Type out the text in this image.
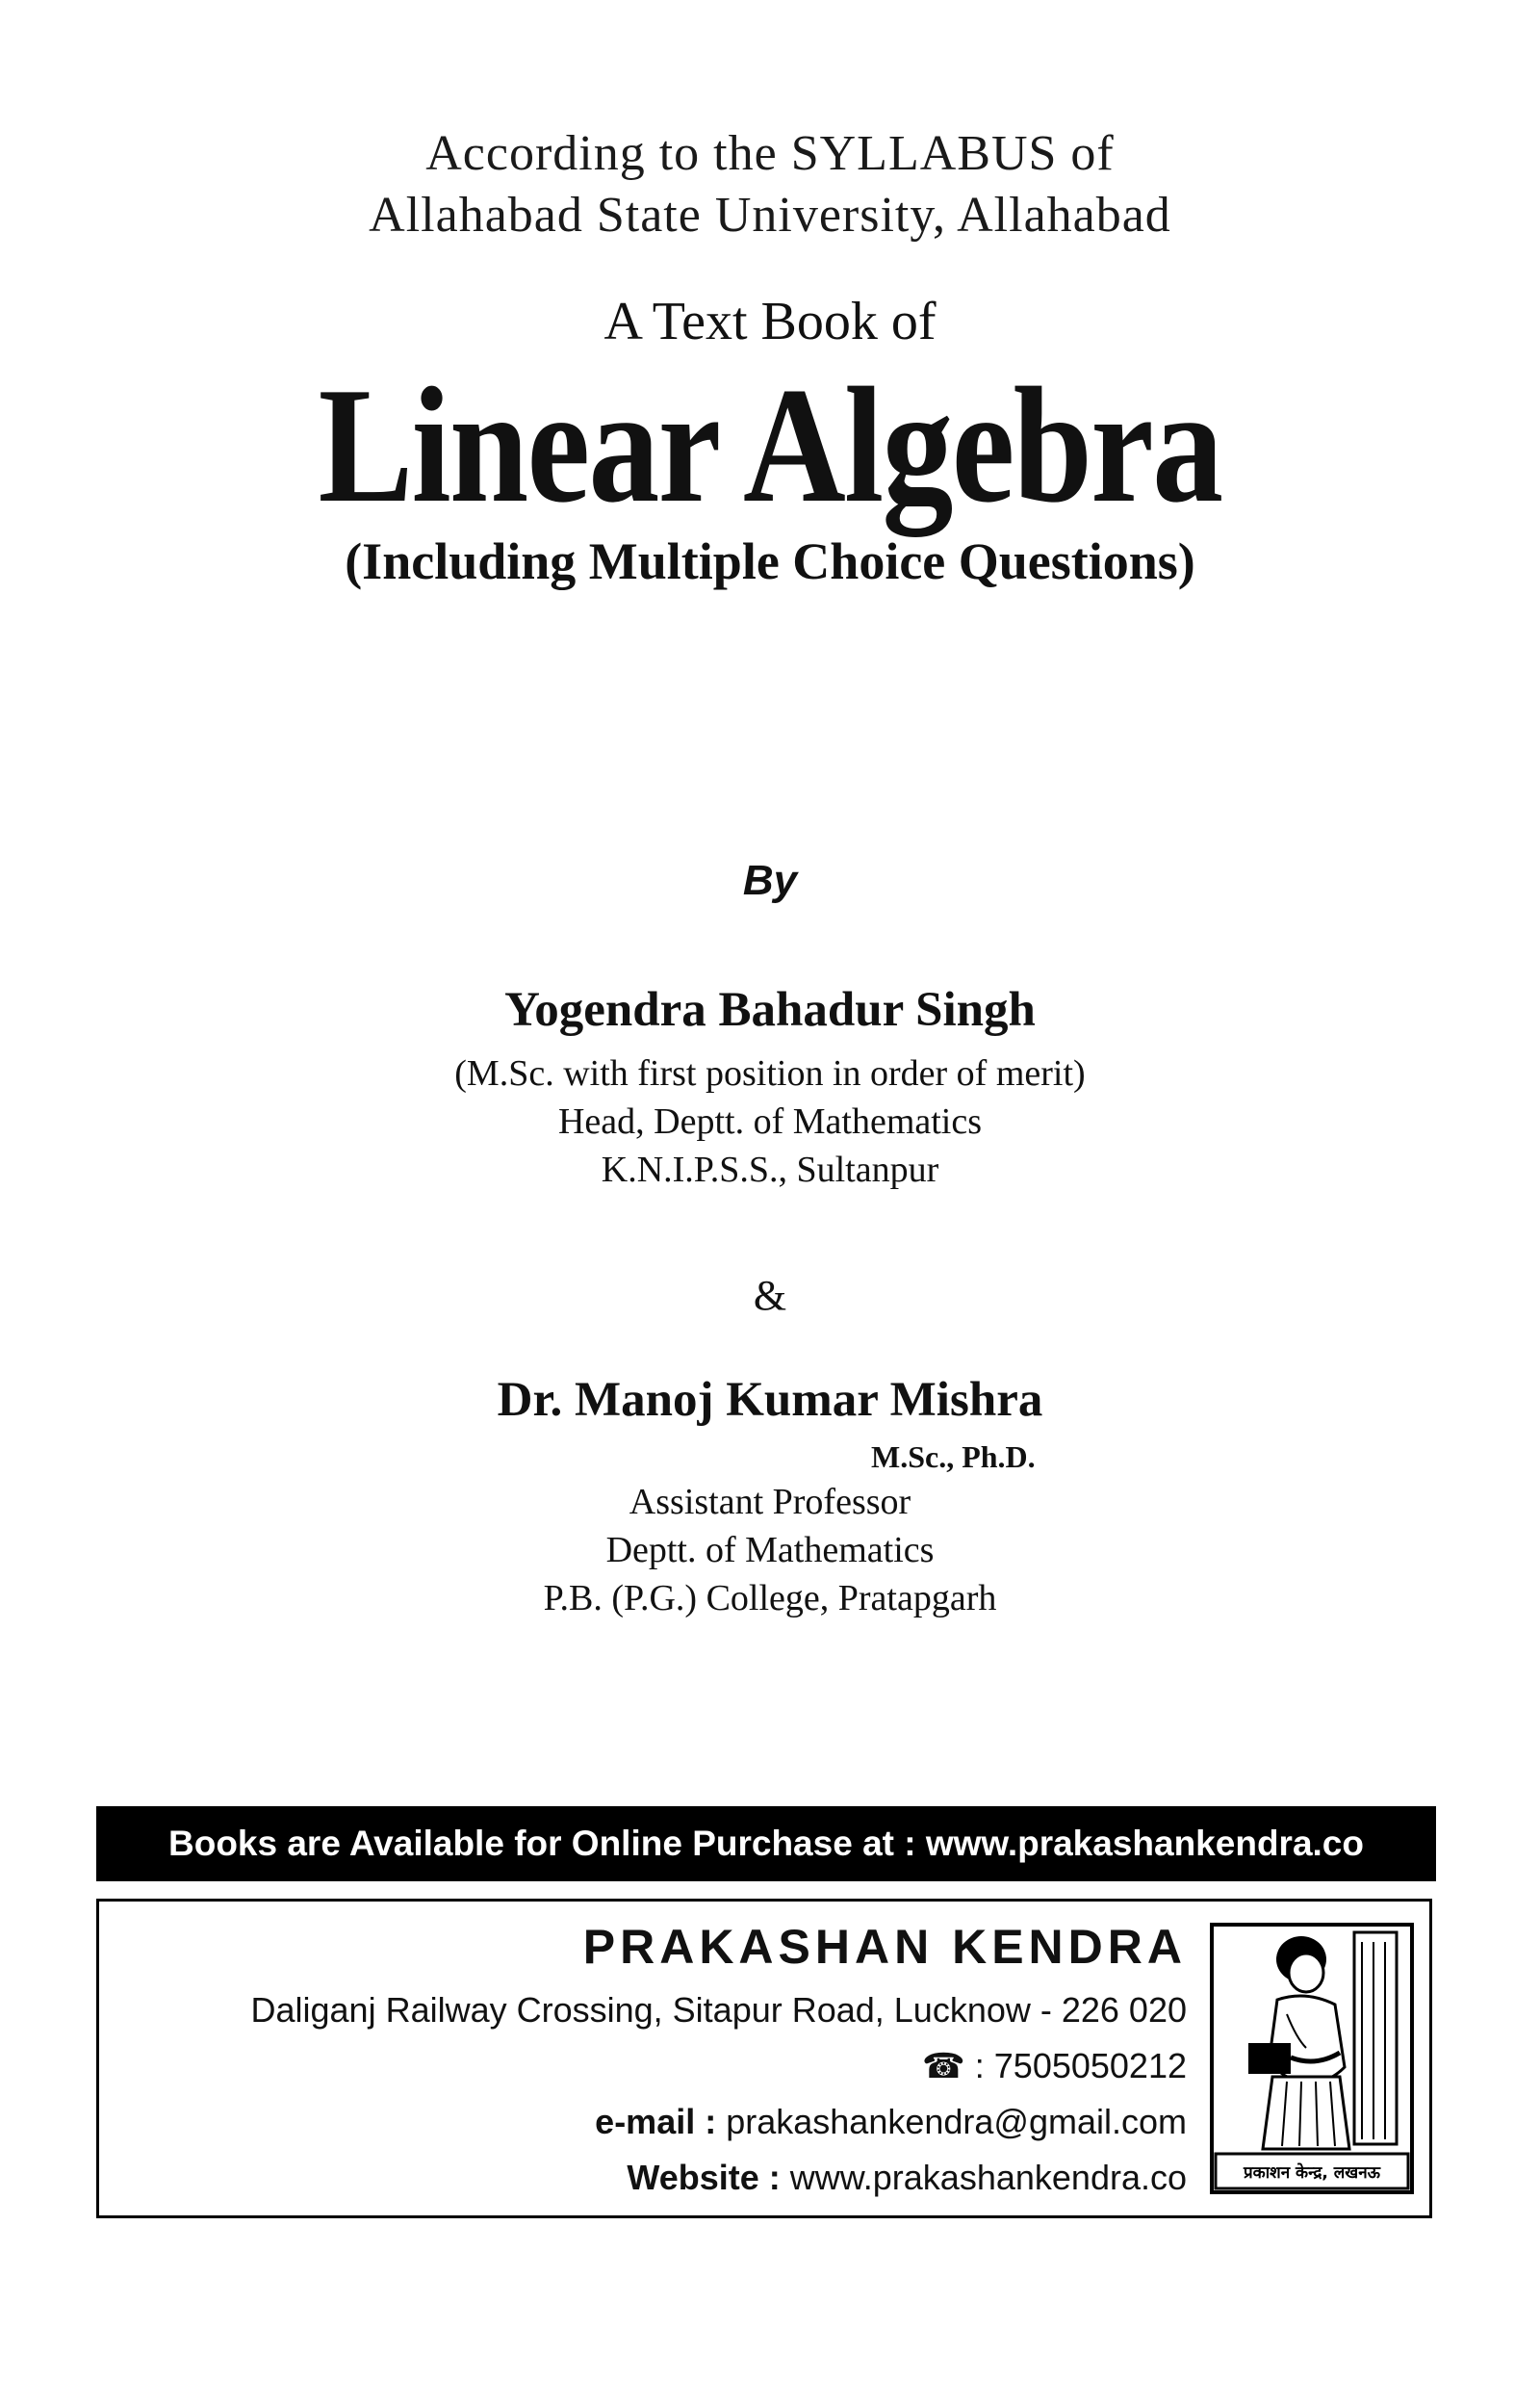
According to the SYLLABUS of
Allahabad State University, Allahabad
A Text Book of
Linear Algebra
(Including Multiple Choice Questions)
By
Yogendra Bahadur Singh
(M.Sc. with first position in order of merit)
Head, Deptt. of Mathematics
K.N.I.P.S.S., Sultanpur
&
Dr. Manoj Kumar Mishra
M.Sc., Ph.D.
Assistant Professor
Deptt. of Mathematics
P.B. (P.G.) College, Pratapgarh
Books are Available for Online Purchase at : www.prakashankendra.co
PRAKASHAN KENDRA
Daliganj Railway Crossing, Sitapur Road, Lucknow - 226 020
☎ : 7505050212
e-mail : prakashankendra@gmail.com
Website : www.prakashankendra.co	प्रकाशन केन्द्र, लखनऊ
